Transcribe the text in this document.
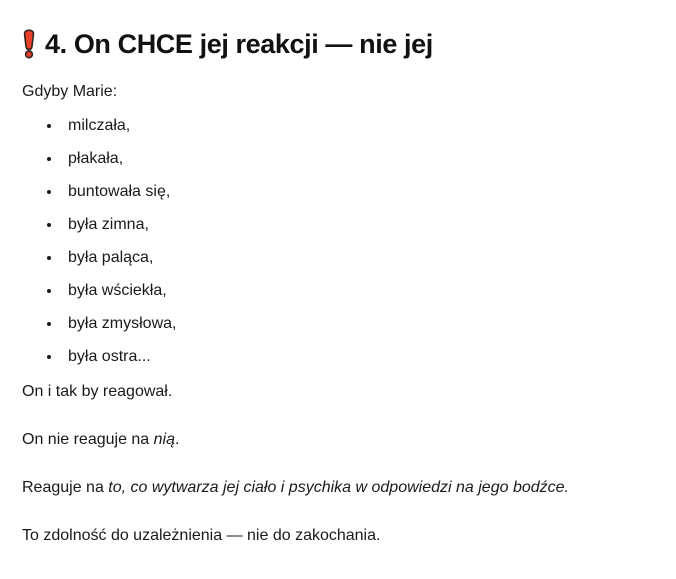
4. On CHCE jej reakcji — nie jej

Gdyby Marie:

• milczała,
• płakała,
• buntowała się,
• była zimna,
• była paląca,
• była wściekła,
• była zmysłowa,
• była ostra...

On i tak by reagował.

On nie reaguje na nią.

Reaguje na to, co wytwarza jej ciało i psychika w odpowiedzi na jego bodźce.

To zdolność do uzależnienia — nie do zakochania.
